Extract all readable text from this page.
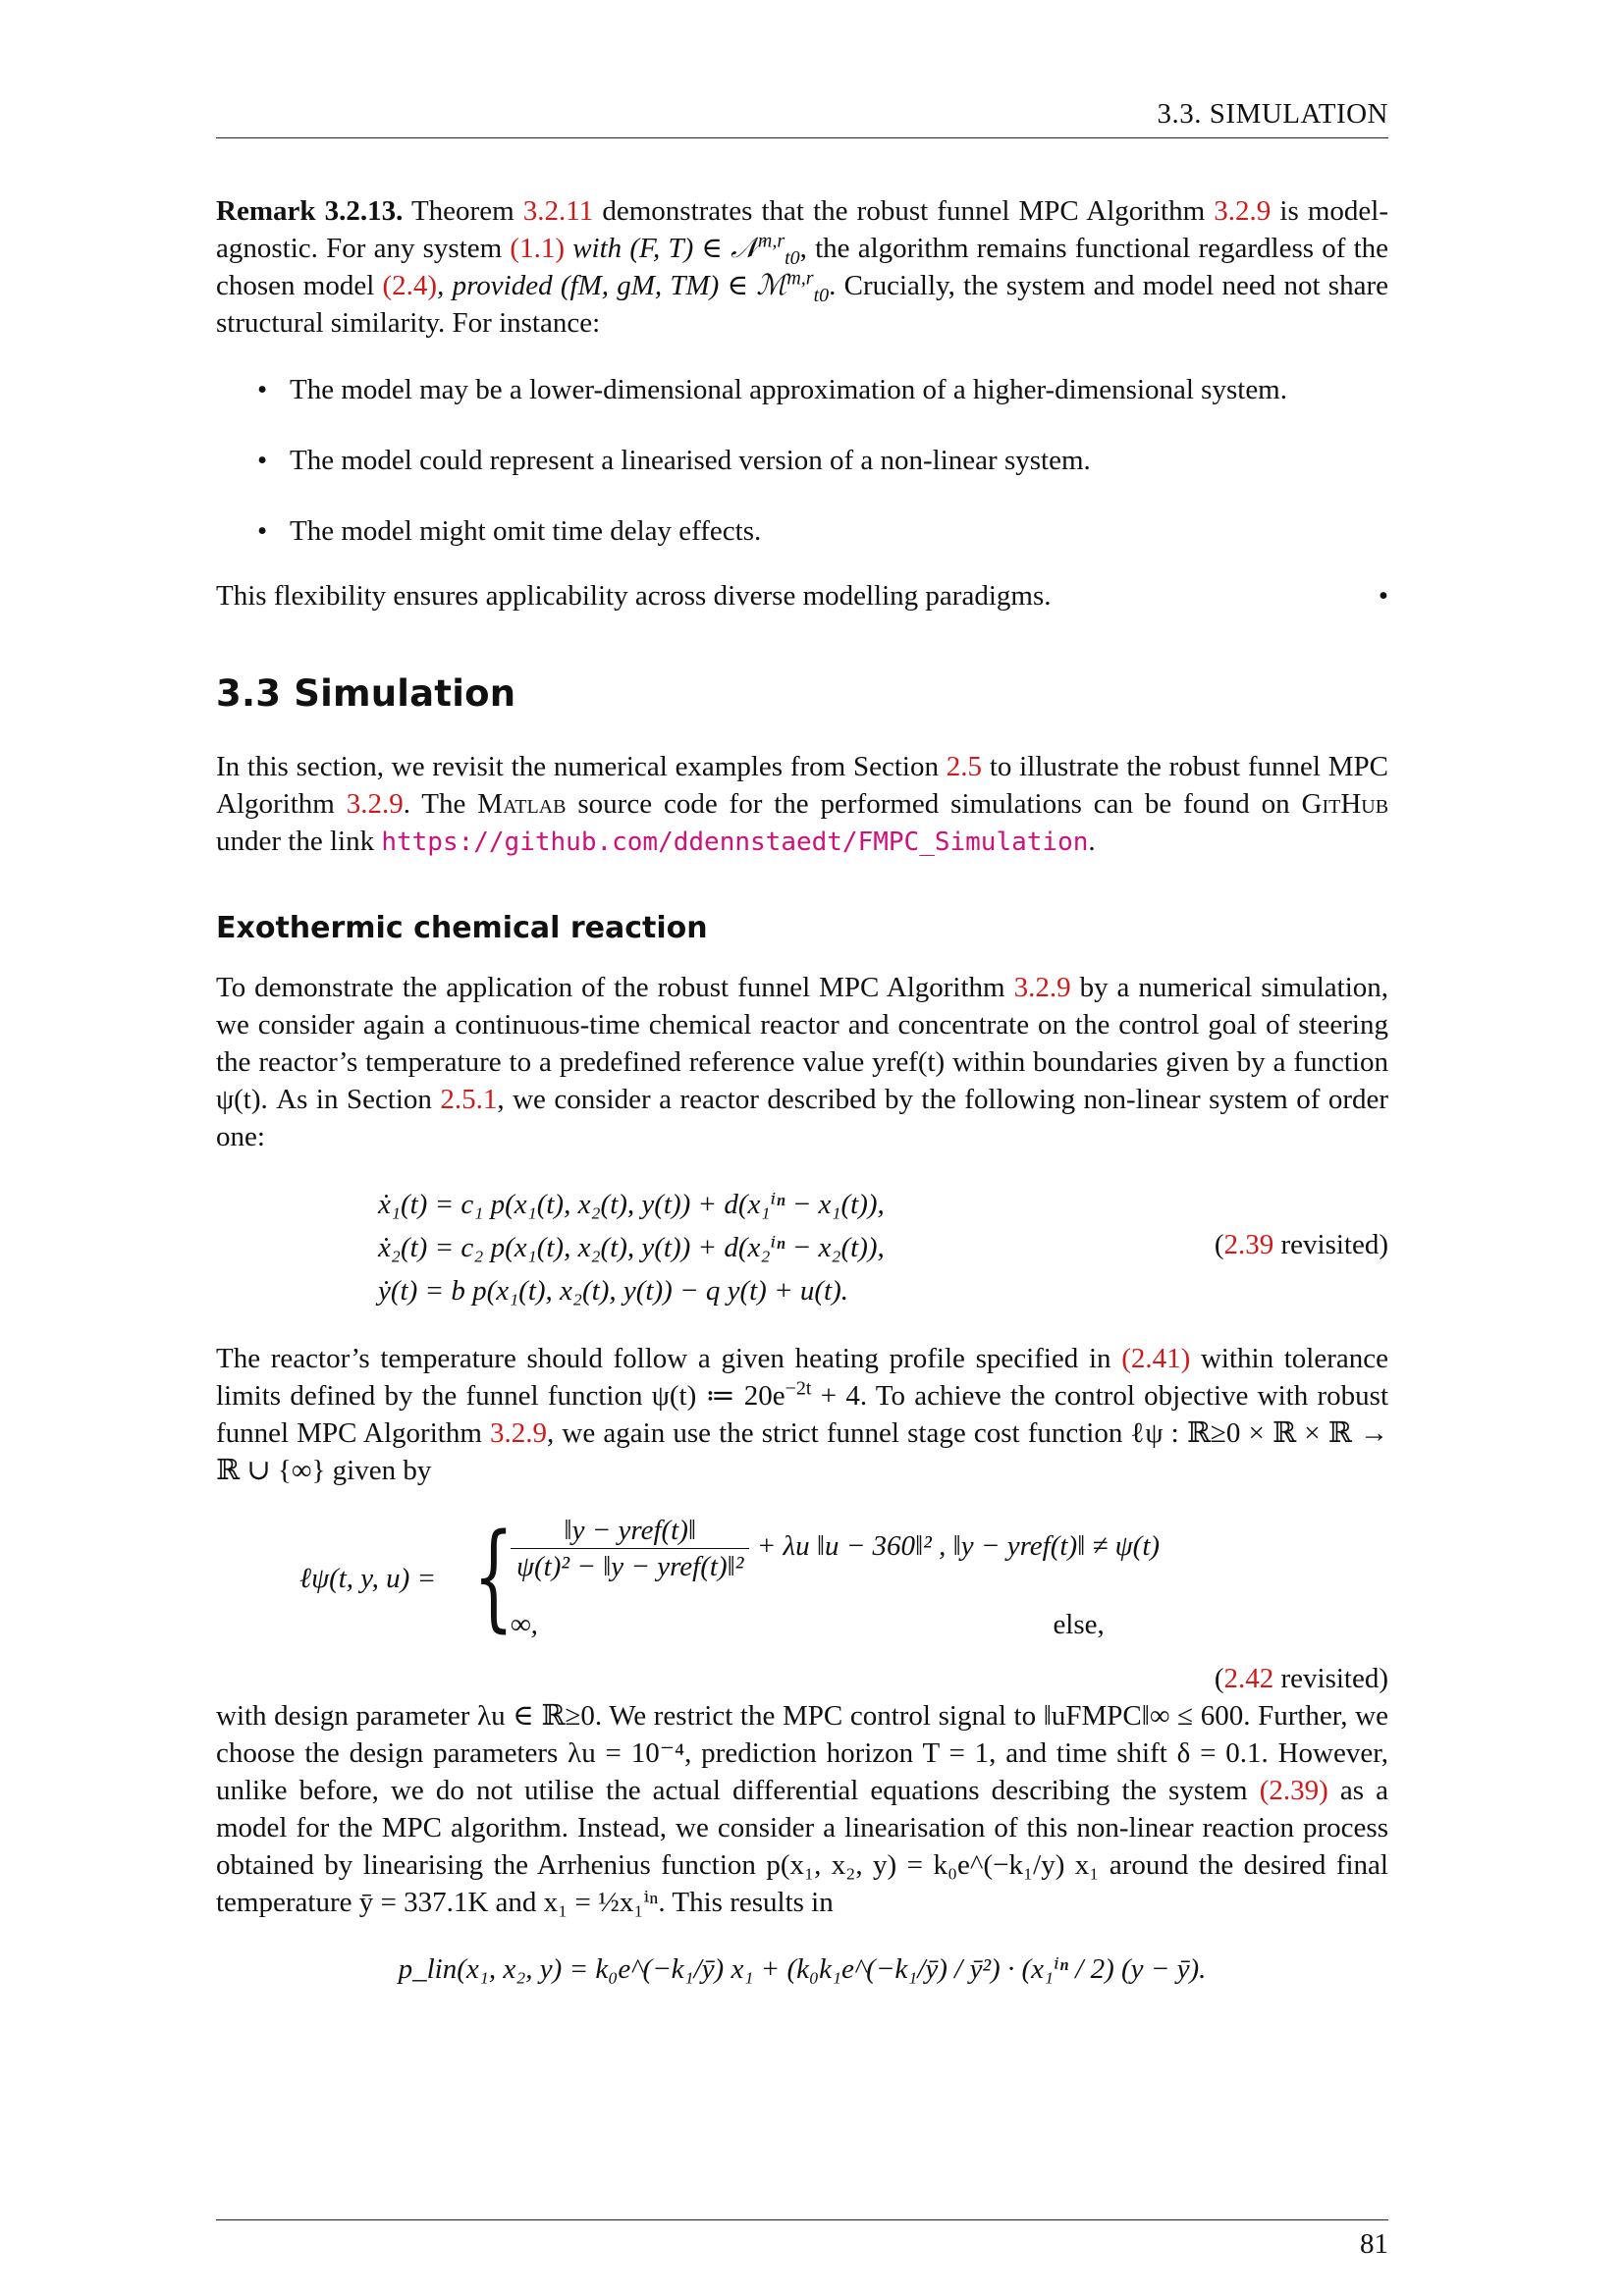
3.3. SIMULATION

Remark 3.2.13. Theorem 3.2.11 demonstrates that the robust funnel MPC Algorithm 3.2.9 is model-agnostic. For any system (1.1) with (F, T) ∈ 𝒩$^{m,r}_{t0}$, the algorithm remains functional regardless of the chosen model (2.4), provided (fM, gM, TM) ∈ ℳ$^{m,r}_{t0}$. Crucially, the system and model need not share structural similarity. For instance:

• The model may be a lower-dimensional approximation of a higher-dimensional system.
• The model could represent a linearised version of a non-linear system.
• The model might omit time delay effects.

This flexibility ensures applicability across diverse modelling paradigms.	•

3.3 Simulation

In this section, we revisit the numerical examples from Section 2.5 to illustrate the robust funnel MPC Algorithm 3.2.9. The Matlab source code for the performed simulations can be found on GitHub under the link https://github.com/ddennstaedt/FMPC_Simulation.

Exothermic chemical reaction

To demonstrate the application of the robust funnel MPC Algorithm 3.2.9 by a numerical simulation, we consider again a continuous-time chemical reactor and concentrate on the control goal of steering the reactor’s temperature to a predefined reference value yref(t) within boundaries given by a function ψ(t). As in Section 2.5.1, we consider a reactor described by the following non-linear system of order one:

ẋ₁(t) = c₁ p(x₁(t), x₂(t), y(t)) + d(x₁ⁱⁿ − x₁(t)),
ẋ₂(t) = c₂ p(x₁(t), x₂(t), y(t)) + d(x₂ⁱⁿ − x₂(t)),
ẏ(t) = b p(x₁(t), x₂(t), y(t)) − q y(t) + u(t).
(2.39 revisited)

The reactor’s temperature should follow a given heating profile specified in (2.41) within tolerance limits defined by the funnel function ψ(t) ≔ $20e^{-2t} + 4$. To achieve the control objective with robust funnel MPC Algorithm 3.2.9, we again use the strict funnel stage cost function ℓψ : ℝ≥0 × ℝ × ℝ → ℝ ∪ {∞} given by

ℓψ(t, y, u) = {
$\frac{\text{‖y − yref(t)‖}}{\text{ψ(t)² − ‖y − yref(t)‖²}} + \lambda u$ ‖u − 360‖² , ‖y − yref(t)‖ ≠ ψ(t)
∞,	else,
(2.42 revisited)

with design parameter λu ∈ ℝ≥0. We restrict the MPC control signal to ‖uFMPC‖∞ ≤ 600. Further, we choose the design parameters λu = 10⁻⁴, prediction horizon T = 1, and time shift δ = 0.1. However, unlike before, we do not utilise the actual differential equations describing the system (2.39) as a model for the MPC algorithm. Instead, we consider a linearisation of this non-linear reaction process obtained by linearising the Arrhenius function p(x₁, x₂, y) = k₀e^(−k₁/y) x₁ around the desired final temperature ȳ = 337.1K and x₁ = ½x₁ⁱⁿ. This results in

p_lin(x₁, x₂, y) = k₀e^(−k₁/ȳ) x₁ + (k₀k₁e^(−k₁/ȳ) / ȳ²) · (x₁ⁱⁿ / 2) (y − ȳ).
81
